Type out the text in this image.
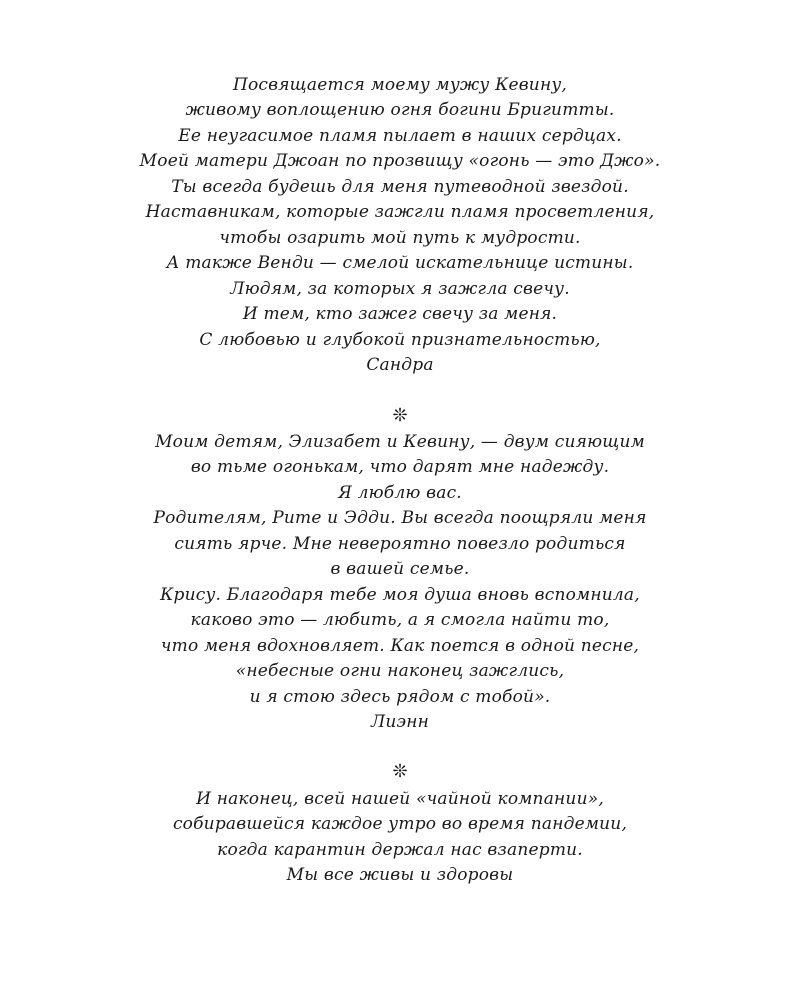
Посвящается моему мужу Кевину,
живому воплощению огня богини Бригитты.
Ее неугасимое пламя пылает в наших сердцах.
Моей матери Джоан по прозвищу «огонь — это Джо».
Ты всегда будешь для меня путеводной звездой.
Наставникам, которые зажгли пламя просветления,
чтобы озарить мой путь к мудрости.
А также Венди — смелой искательнице истины.
Людям, за которых я зажгла свечу.
И тем, кто зажег свечу за меня.
С любовью и глубокой признательностью,
Сандра
❊
Моим детям, Элизабет и Кевину, — двум сияющим
во тьме огонькам, что дарят мне надежду.
Я люблю вас.
Родителям, Рите и Эдди. Вы всегда поощряли меня
сиять ярче. Мне невероятно повезло родиться
в вашей семье.
Крису. Благодаря тебе моя душа вновь вспомнила,
каково это — любить, а я смогла найти то,
что меня вдохновляет. Как поется в одной песне,
«небесные огни наконец зажглись,
и я стою здесь рядом с тобой».
Лиэнн
❊
И наконец, всей нашей «чайной компании»,
собиравшейся каждое утро во время пандемии,
когда карантин держал нас взаперти.
Мы все живы и здоровы
